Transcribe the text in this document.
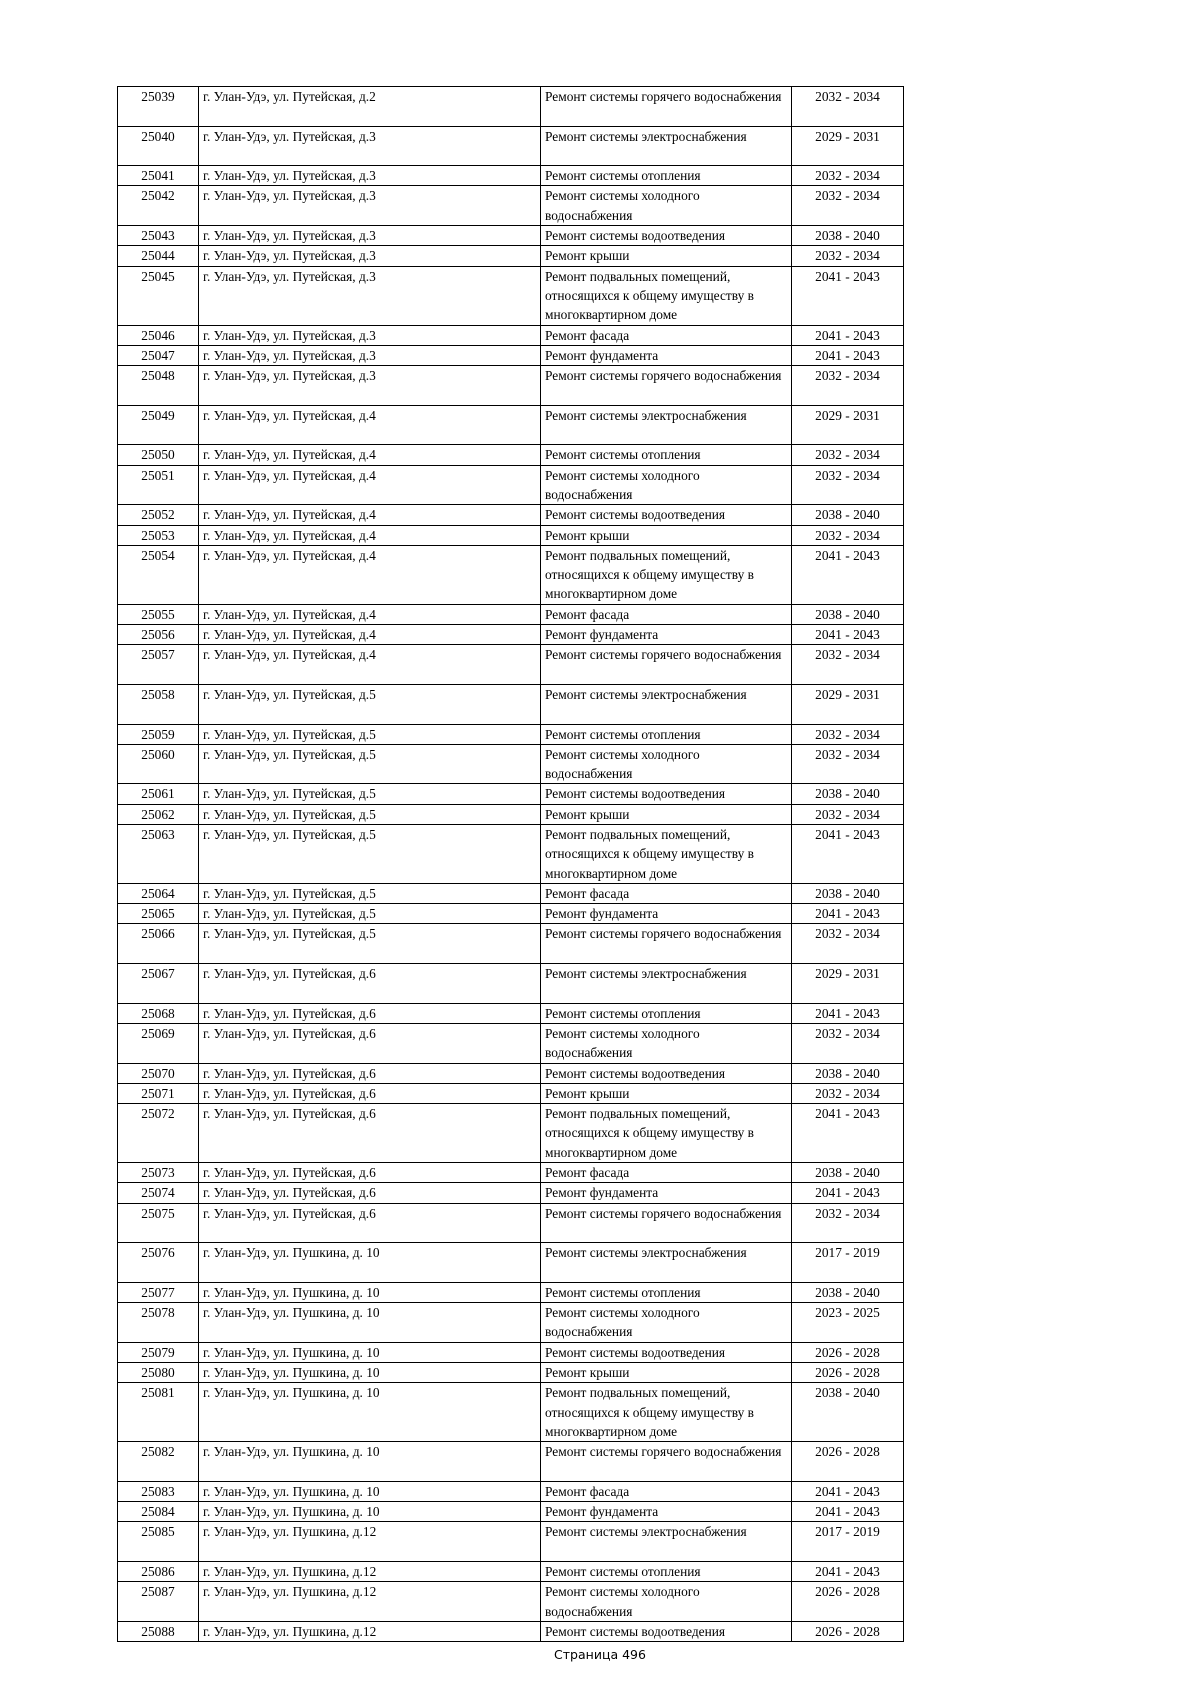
25039	г. Улан-Удэ, ул. Путейская, д.2	Ремонт системы горячего водоснабжения	2032 - 2034
25040	г. Улан-Удэ, ул. Путейская, д.3	Ремонт системы электроснабжения	2029 - 2031
25041	г. Улан-Удэ, ул. Путейская, д.3	Ремонт системы отопления	2032 - 2034
25042	г. Улан-Удэ, ул. Путейская, д.3	Ремонт системы холодного водоснабжения	2032 - 2034
25043	г. Улан-Удэ, ул. Путейская, д.3	Ремонт системы водоотведения	2038 - 2040
25044	г. Улан-Удэ, ул. Путейская, д.3	Ремонт крыши	2032 - 2034
25045	г. Улан-Удэ, ул. Путейская, д.3	Ремонт подвальных помещений, относящихся к общему имуществу в многоквартирном доме	2041 - 2043
25046	г. Улан-Удэ, ул. Путейская, д.3	Ремонт фасада	2041 - 2043
25047	г. Улан-Удэ, ул. Путейская, д.3	Ремонт фундамента	2041 - 2043
25048	г. Улан-Удэ, ул. Путейская, д.3	Ремонт системы горячего водоснабжения	2032 - 2034
25049	г. Улан-Удэ, ул. Путейская, д.4	Ремонт системы электроснабжения	2029 - 2031
25050	г. Улан-Удэ, ул. Путейская, д.4	Ремонт системы отопления	2032 - 2034
25051	г. Улан-Удэ, ул. Путейская, д.4	Ремонт системы холодного водоснабжения	2032 - 2034
25052	г. Улан-Удэ, ул. Путейская, д.4	Ремонт системы водоотведения	2038 - 2040
25053	г. Улан-Удэ, ул. Путейская, д.4	Ремонт крыши	2032 - 2034
25054	г. Улан-Удэ, ул. Путейская, д.4	Ремонт подвальных помещений, относящихся к общему имуществу в многоквартирном доме	2041 - 2043
25055	г. Улан-Удэ, ул. Путейская, д.4	Ремонт фасада	2038 - 2040
25056	г. Улан-Удэ, ул. Путейская, д.4	Ремонт фундамента	2041 - 2043
25057	г. Улан-Удэ, ул. Путейская, д.4	Ремонт системы горячего водоснабжения	2032 - 2034
25058	г. Улан-Удэ, ул. Путейская, д.5	Ремонт системы электроснабжения	2029 - 2031
25059	г. Улан-Удэ, ул. Путейская, д.5	Ремонт системы отопления	2032 - 2034
25060	г. Улан-Удэ, ул. Путейская, д.5	Ремонт системы холодного водоснабжения	2032 - 2034
25061	г. Улан-Удэ, ул. Путейская, д.5	Ремонт системы водоотведения	2038 - 2040
25062	г. Улан-Удэ, ул. Путейская, д.5	Ремонт крыши	2032 - 2034
25063	г. Улан-Удэ, ул. Путейская, д.5	Ремонт подвальных помещений, относящихся к общему имуществу в многоквартирном доме	2041 - 2043
25064	г. Улан-Удэ, ул. Путейская, д.5	Ремонт фасада	2038 - 2040
25065	г. Улан-Удэ, ул. Путейская, д.5	Ремонт фундамента	2041 - 2043
25066	г. Улан-Удэ, ул. Путейская, д.5	Ремонт системы горячего водоснабжения	2032 - 2034
25067	г. Улан-Удэ, ул. Путейская, д.6	Ремонт системы электроснабжения	2029 - 2031
25068	г. Улан-Удэ, ул. Путейская, д.6	Ремонт системы отопления	2041 - 2043
25069	г. Улан-Удэ, ул. Путейская, д.6	Ремонт системы холодного водоснабжения	2032 - 2034
25070	г. Улан-Удэ, ул. Путейская, д.6	Ремонт системы водоотведения	2038 - 2040
25071	г. Улан-Удэ, ул. Путейская, д.6	Ремонт крыши	2032 - 2034
25072	г. Улан-Удэ, ул. Путейская, д.6	Ремонт подвальных помещений, относящихся к общему имуществу в многоквартирном доме	2041 - 2043
25073	г. Улан-Удэ, ул. Путейская, д.6	Ремонт фасада	2038 - 2040
25074	г. Улан-Удэ, ул. Путейская, д.6	Ремонт фундамента	2041 - 2043
25075	г. Улан-Удэ, ул. Путейская, д.6	Ремонт системы горячего водоснабжения	2032 - 2034
25076	г. Улан-Удэ, ул. Пушкина, д. 10	Ремонт системы электроснабжения	2017 - 2019
25077	г. Улан-Удэ, ул. Пушкина, д. 10	Ремонт системы отопления	2038 - 2040
25078	г. Улан-Удэ, ул. Пушкина, д. 10	Ремонт системы холодного водоснабжения	2023 - 2025
25079	г. Улан-Удэ, ул. Пушкина, д. 10	Ремонт системы водоотведения	2026 - 2028
25080	г. Улан-Удэ, ул. Пушкина, д. 10	Ремонт крыши	2026 - 2028
25081	г. Улан-Удэ, ул. Пушкина, д. 10	Ремонт подвальных помещений, относящихся к общему имуществу в многоквартирном доме	2038 - 2040
25082	г. Улан-Удэ, ул. Пушкина, д. 10	Ремонт системы горячего водоснабжения	2026 - 2028
25083	г. Улан-Удэ, ул. Пушкина, д. 10	Ремонт фасада	2041 - 2043
25084	г. Улан-Удэ, ул. Пушкина, д. 10	Ремонт фундамента	2041 - 2043
25085	г. Улан-Удэ, ул. Пушкина, д.12	Ремонт системы электроснабжения	2017 - 2019
25086	г. Улан-Удэ, ул. Пушкина, д.12	Ремонт системы отопления	2041 - 2043
25087	г. Улан-Удэ, ул. Пушкина, д.12	Ремонт системы холодного водоснабжения	2026 - 2028
25088	г. Улан-Удэ, ул. Пушкина, д.12	Ремонт системы водоотведения	2026 - 2028
Страница 496
